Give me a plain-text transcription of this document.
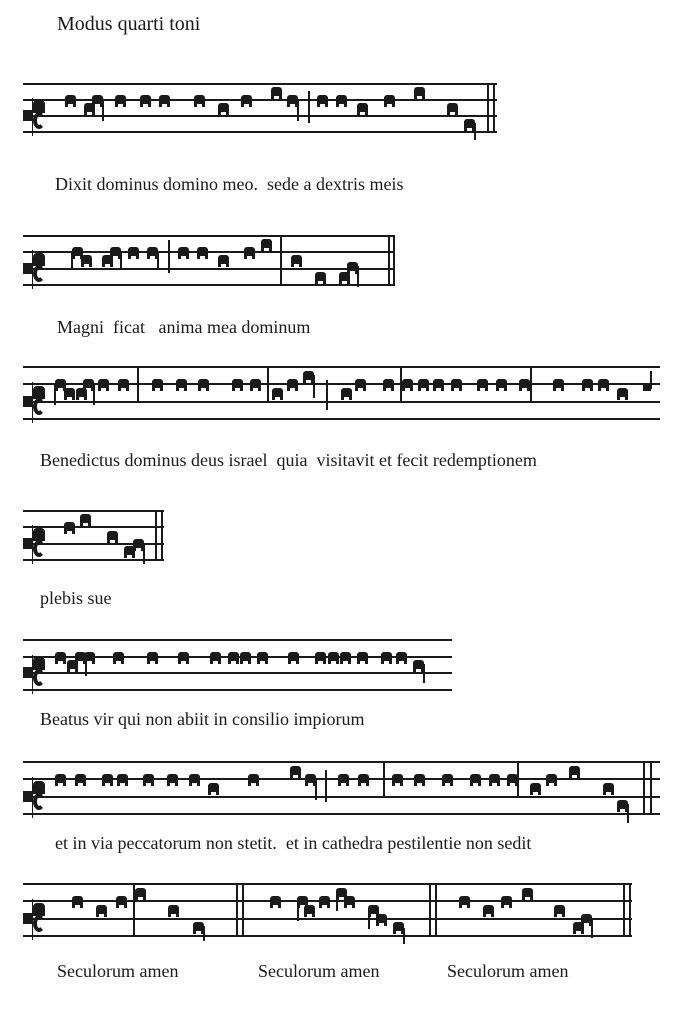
Modus quarti toni
Dixit dominus domino meo.  sede a dextris meis
Magni  ficat   anima mea dominum
Benedictus dominus deus israel  quia  visitavit et fecit redemptionem
plebis sue
Beatus vir qui non abiit in consilio impiorum
et in via peccatorum non stetit.  et in cathedra pestilentie non sedit
Seculorum amen	Seculorum amen	Seculorum amen
